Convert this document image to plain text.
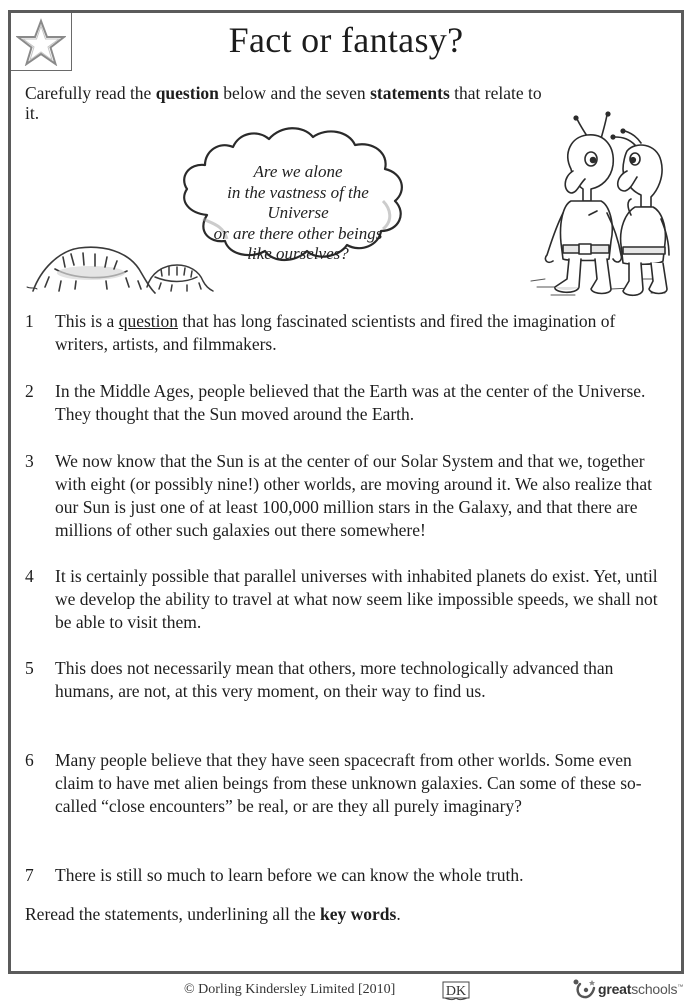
Fact or fantasy?

Carefully read the question below and the seven statements that relate to it.

Are we alone
in the vastness of the Universe
or are there other beings
like ourselves?
1	This is a question that has long fascinated scientists and fired the imagination of writers, artists, and filmmakers.
2	In the Middle Ages, people believed that the Earth was at the center of the Universe. They thought that the Sun moved around the Earth.
3	We now know that the Sun is at the center of our Solar System and that we, together with eight (or possibly nine!) other worlds, are moving around it. We also realize that our Sun is just one of at least 100,000 million stars in the Galaxy, and that there are millions of other such galaxies out there somewhere!
4	It is certainly possible that parallel universes with inhabited planets do exist. Yet, until we develop the ability to travel at what now seem like impossible speeds, we shall not be able to visit them.
5	This does not necessarily mean that others, more technologically advanced than humans, are not, at this very moment, on their way to find us.
6	Many people believe that they have seen spacecraft from other worlds. Some even claim to have met alien beings from these unknown galaxies. Can some of these so-called “close encounters” be real, or are they all purely imaginary?
7	There is still so much to learn before we can know the whole truth.

Reread the statements, underlining all the key words.

© Dorling Kindersley Limited [2010]	DK	greatschools™
